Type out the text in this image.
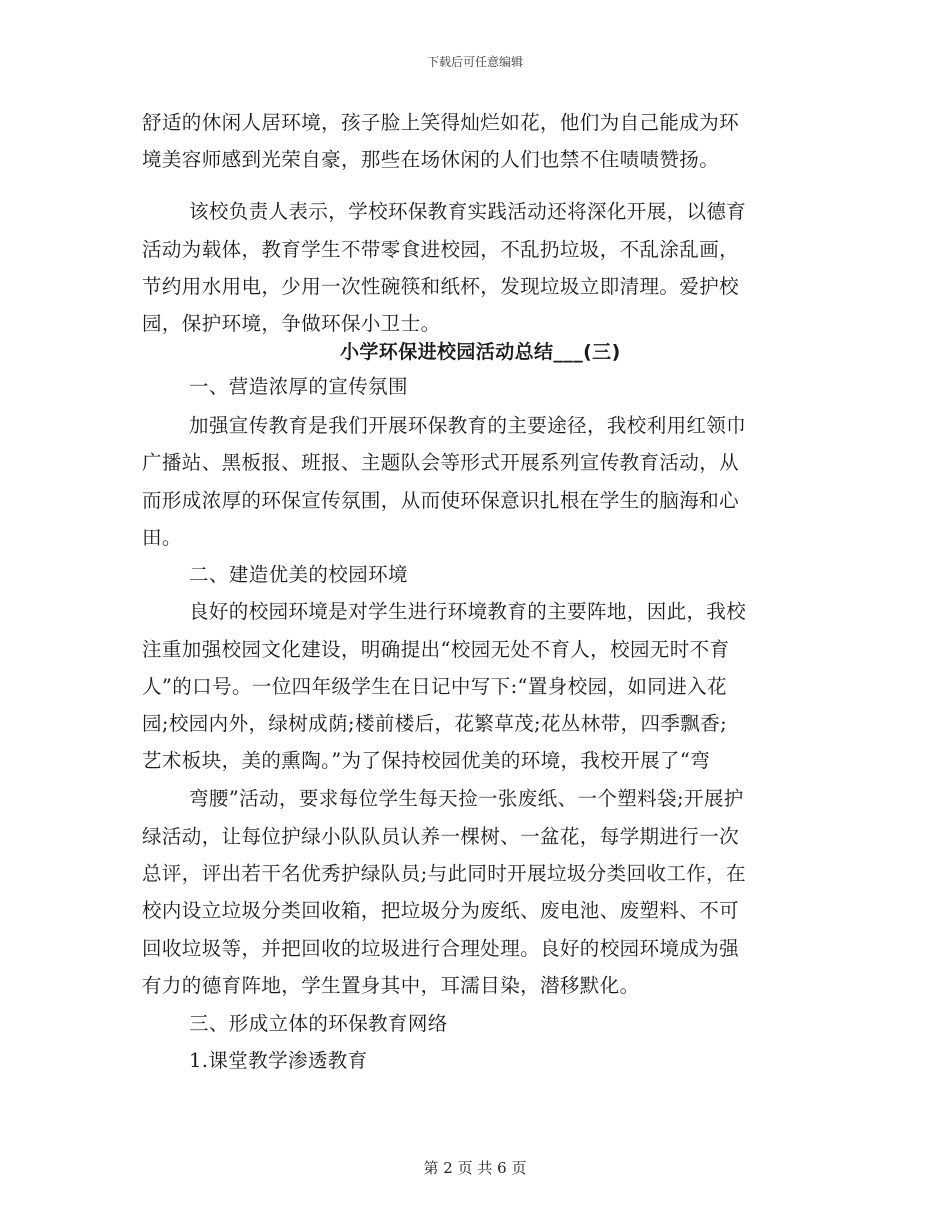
下载后可任意编辑
舒适的休闲人居环境，孩子脸上笑得灿烂如花，他们为自己能成为环
境美容师感到光荣自豪，那些在场休闲的人们也禁不住啧啧赞扬。
该校负责人表示，学校环保教育实践活动还将深化开展，以德育
活动为载体，教育学生不带零食进校园，不乱扔垃圾，不乱涂乱画，
节约用水用电，少用一次性碗筷和纸杯，发现垃圾立即清理。爱护校
园，保护环境，争做环保小卫士。
小学环保进校园活动总结___(三)
一、营造浓厚的宣传氛围
加强宣传教育是我们开展环保教育的主要途径，我校利用红领巾
广播站、黑板报、班报、主题队会等形式开展系列宣传教育活动，从
而形成浓厚的环保宣传氛围，从而使环保意识扎根在学生的脑海和心
田。
二、建造优美的校园环境
良好的校园环境是对学生进行环境教育的主要阵地，因此，我校
注重加强校园文化建设，明确提出“校园无处不育人，校园无时不育
人”的口号。一位四年级学生在日记中写下:“置身校园，如同进入花
园;校园内外，绿树成荫;楼前楼后，花繁草茂;花丛林带，四季飘香;
艺术板块，美的熏陶。”为了保持校园优美的环境，我校开展了“弯
弯腰”活动，要求每位学生每天捡一张废纸、一个塑料袋;开展护
绿活动，让每位护绿小队队员认养一棵树、一盆花，每学期进行一次
总评，评出若干名优秀护绿队员;与此同时开展垃圾分类回收工作，在
校内设立垃圾分类回收箱，把垃圾分为废纸、废电池、废塑料、不可
回收垃圾等，并把回收的垃圾进行合理处理。良好的校园环境成为强
有力的德育阵地，学生置身其中，耳濡目染，潜移默化。
三、形成立体的环保教育网络
1.课堂教学渗透教育
第 2 页 共 6 页
